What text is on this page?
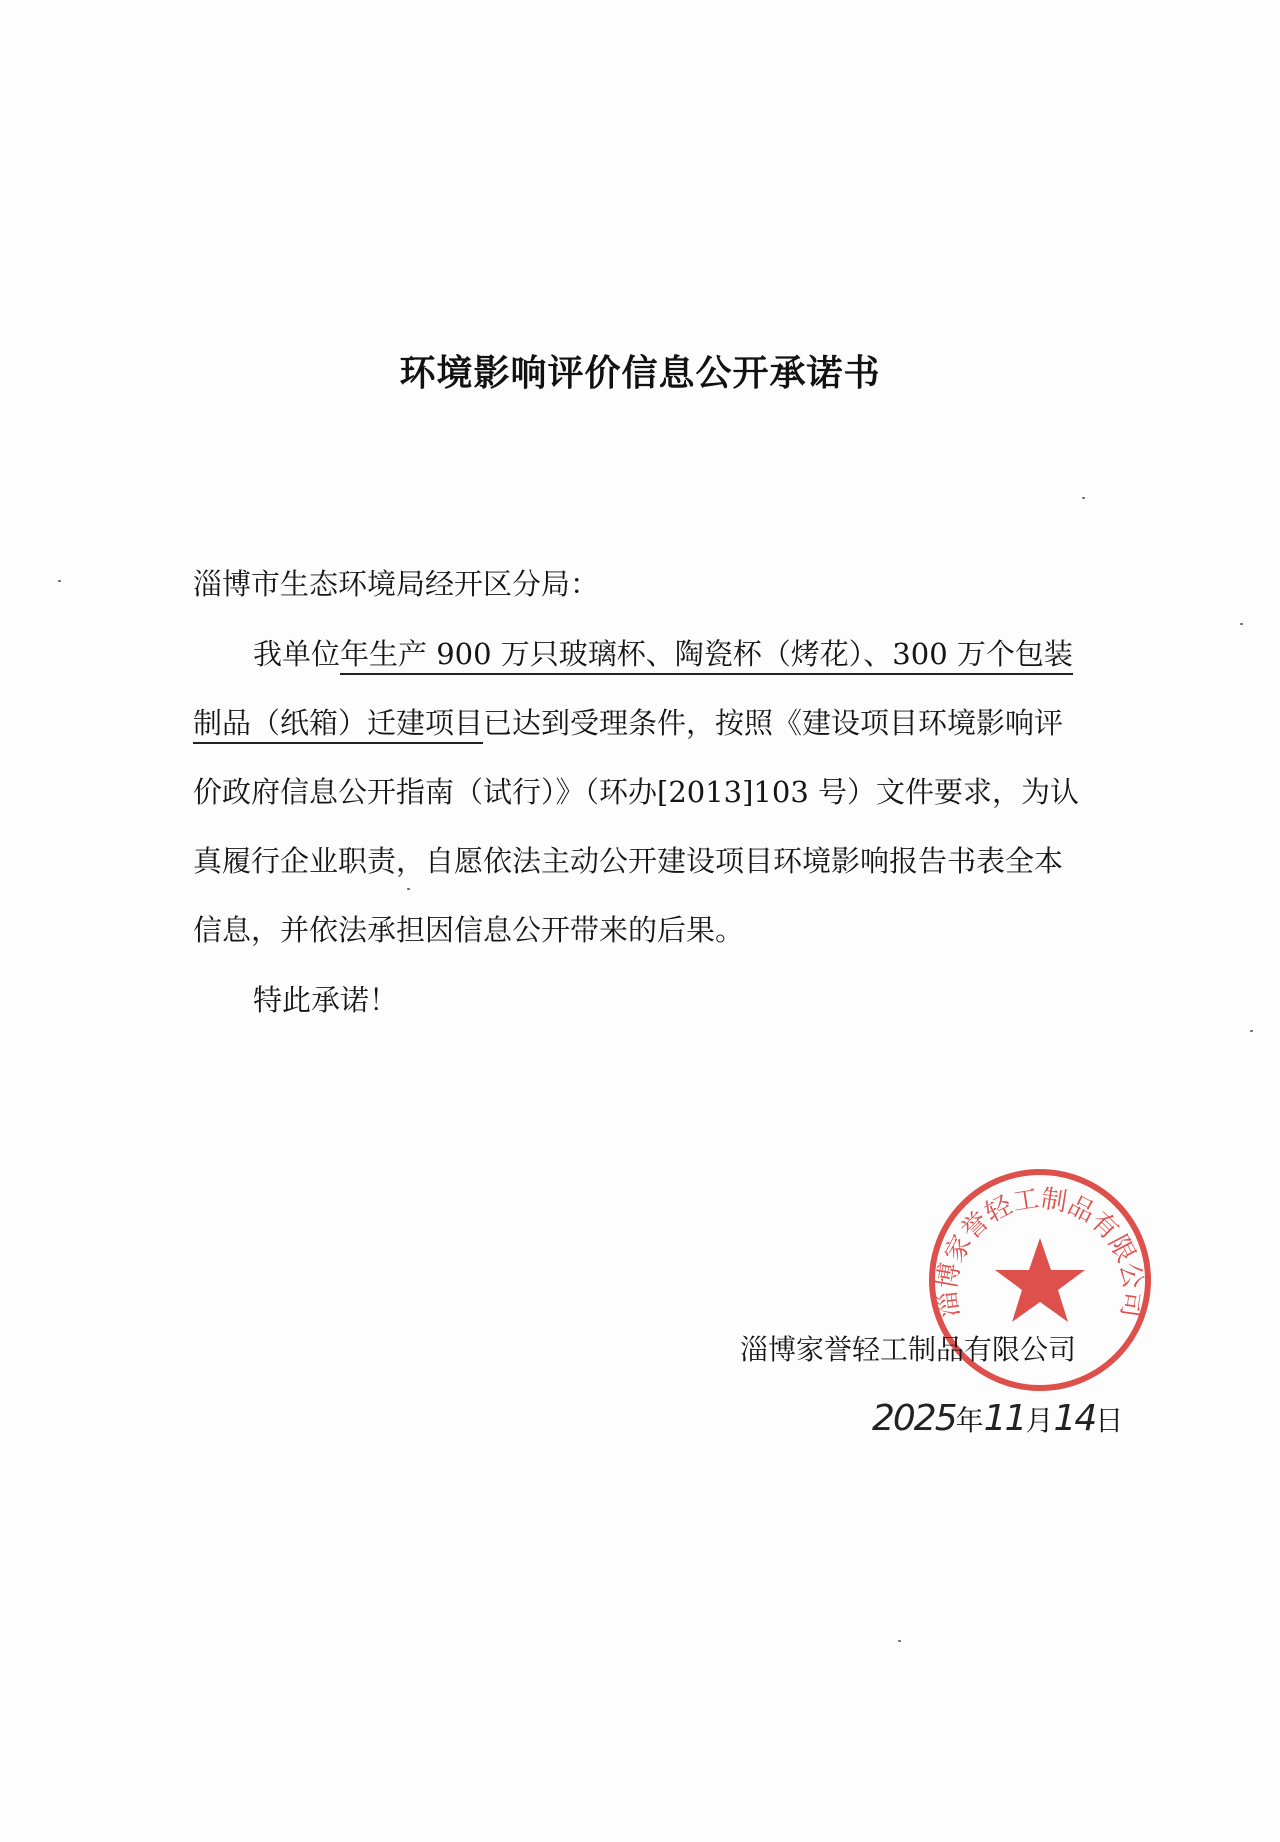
环境影响评价信息公开承诺书
淄博市生态环境局经开区分局：
我单位年生产 900 万只玻璃杯、陶瓷杯（烤花）、300 万个包装
制品（纸箱）迁建项目已达到受理条件，按照《建设项目环境影响评
价政府信息公开指南（试行）》（环办[2013]103 号）文件要求，为认
真履行企业职责，自愿依法主动公开建设项目环境影响报告书表全本
信息，并依法承担因信息公开带来的后果。
特此承诺！
淄博家誉轻工制品有限公司
淄博家誉轻工制品有限公司
2025年11月14日
